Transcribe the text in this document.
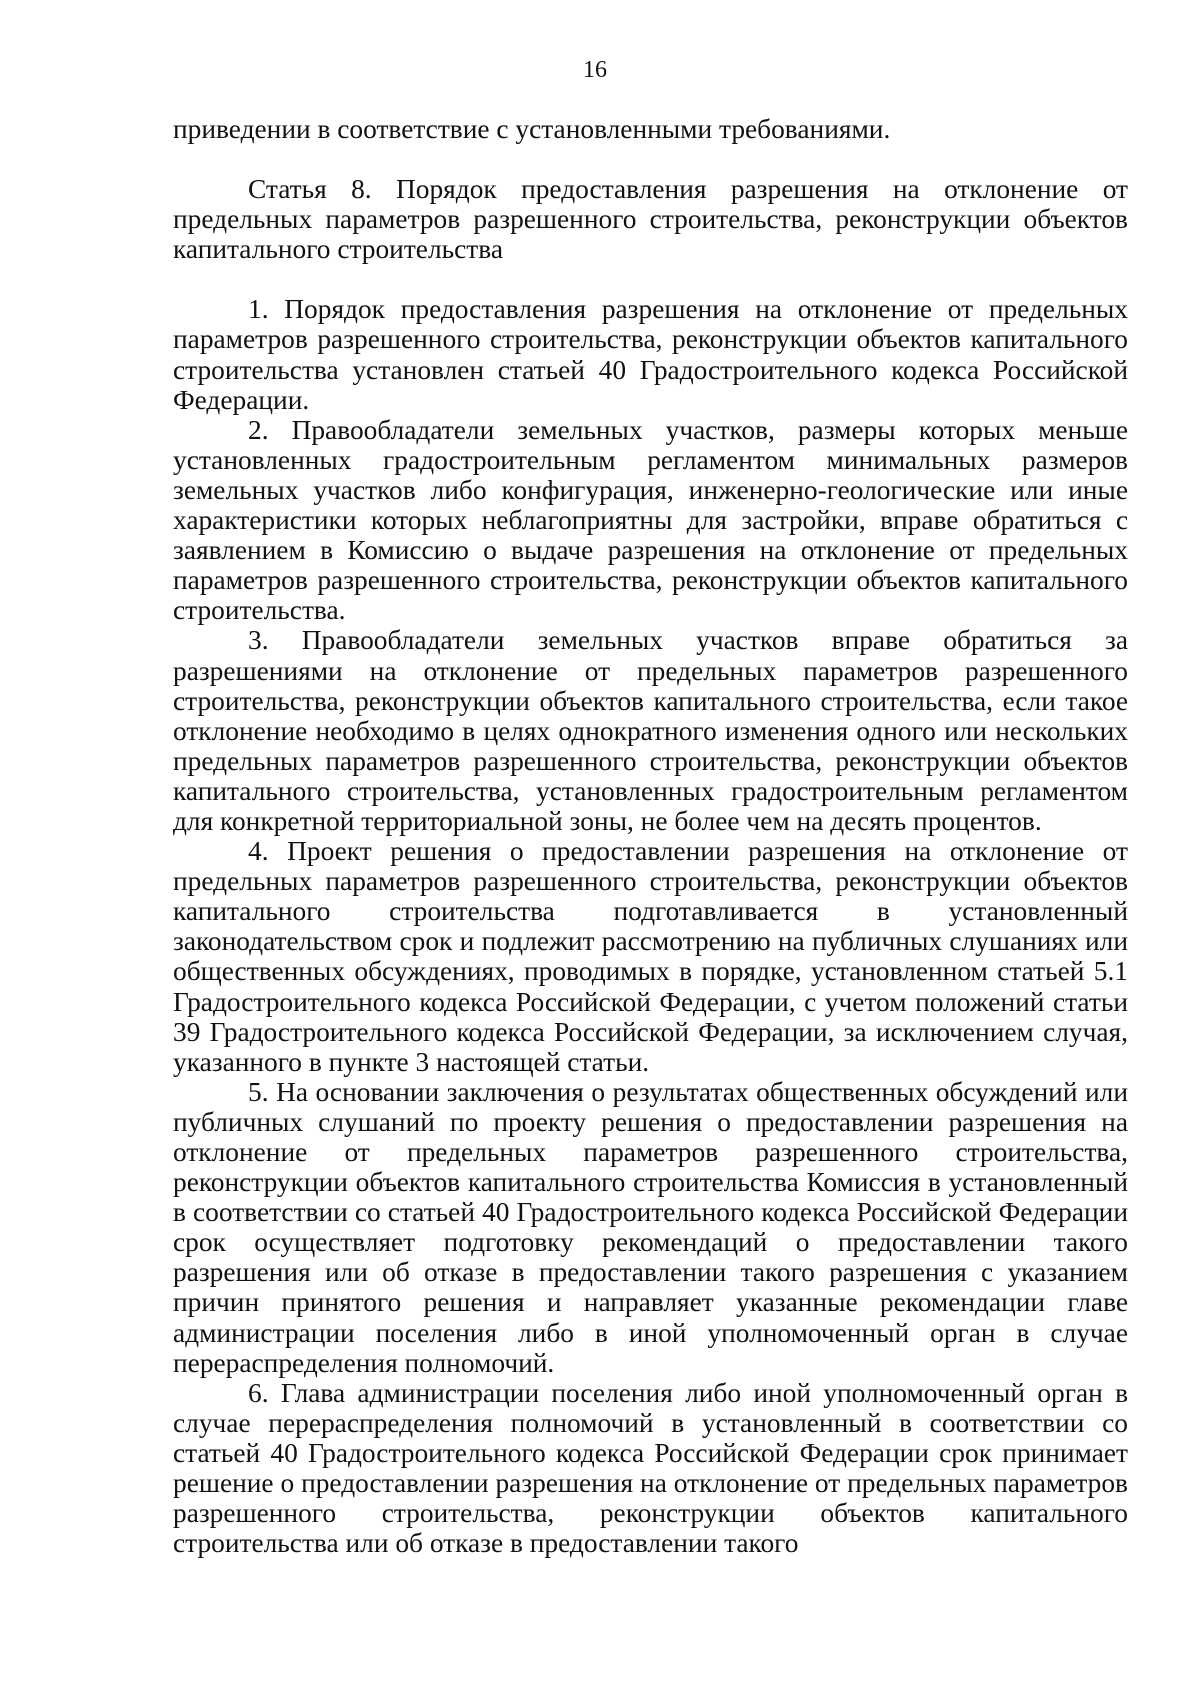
16

приведении в соответствие с установленными требованиями.

Статья 8. Порядок предоставления разрешения на отклонение от предельных параметров разрешенного строительства, реконструкции объектов капитального строительства

1. Порядок предоставления разрешения на отклонение от предельных параметров разрешенного строительства, реконструкции объектов капитального строительства установлен статьей 40 Градостроительного кодекса Российской Федерации.

2. Правообладатели земельных участков, размеры которых меньше установленных градостроительным регламентом минимальных размеров земельных участков либо конфигурация, инженерно-геологические или иные характеристики которых неблагоприятны для застройки, вправе обратиться с заявлением в Комиссию о выдаче разрешения на отклонение от предельных параметров разрешенного строительства, реконструкции объектов капитального строительства.

3. Правообладатели земельных участков вправе обратиться за разрешениями на отклонение от предельных параметров разрешенного строительства, реконструкции объектов капитального строительства, если такое отклонение необходимо в целях однократного изменения одного или нескольких предельных параметров разрешенного строительства, реконструкции объектов капитального строительства, установленных градостроительным регламентом для конкретной территориальной зоны, не более чем на десять процентов.

4. Проект решения о предоставлении разрешения на отклонение от предельных параметров разрешенного строительства, реконструкции объектов капитального строительства подготавливается в установленный законодательством срок и подлежит рассмотрению на публичных слушаниях или общественных обсуждениях, проводимых в порядке, установленном статьей 5.1 Градостроительного кодекса Российской Федерации, с учетом положений статьи 39 Градостроительного кодекса Российской Федерации, за исключением случая, указанного в пункте 3 настоящей статьи.

5. На основании заключения о результатах общественных обсуждений или публичных слушаний по проекту решения о предоставлении разрешения на отклонение от предельных параметров разрешенного строительства, реконструкции объектов капитального строительства Комиссия в установленный в соответствии со статьей 40 Градостроительного кодекса Российской Федерации срок осуществляет подготовку рекомендаций о предоставлении такого разрешения или об отказе в предоставлении такого разрешения с указанием причин принятого решения и направляет указанные рекомендации главе администрации поселения либо в иной уполномоченный орган в случае перераспределения полномочий.

6. Глава администрации поселения либо иной уполномоченный орган в случае перераспределения полномочий в установленный в соответствии со статьей 40 Градостроительного кодекса Российской Федерации срок принимает решение о предоставлении разрешения на отклонение от предельных параметров разрешенного строительства, реконструкции объектов капитального строительства или об отказе в предоставлении такого
